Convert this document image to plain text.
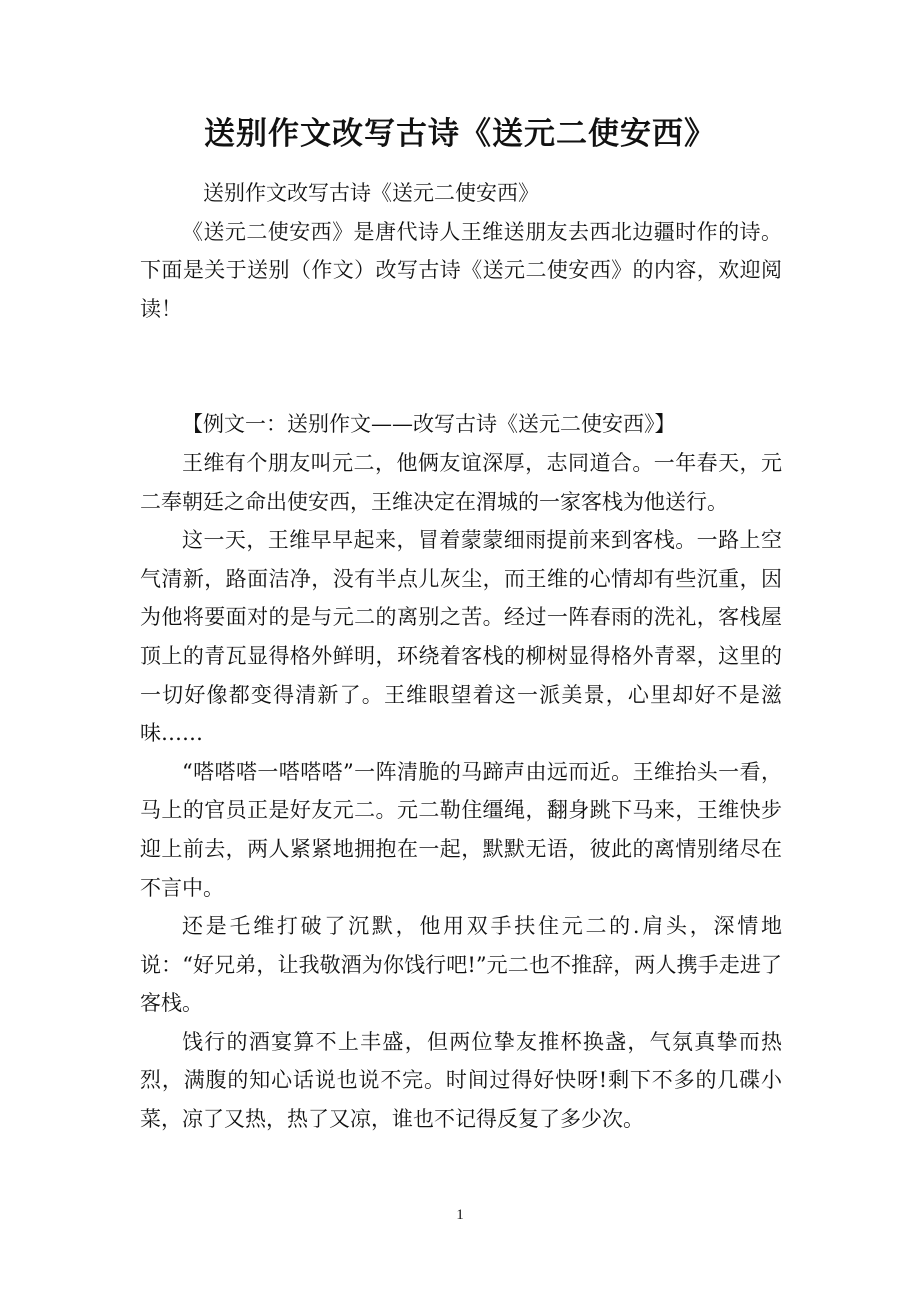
送别作文改写古诗《送元二使安西》

送别作文改写古诗《送元二使安西》

《送元二使安西》是唐代诗人王维送朋友去西北边疆时作的诗。下面是关于送别（作文）改写古诗《送元二使安西》的内容，欢迎阅读！

【例文一：送别作文——改写古诗《送元二使安西》】

王维有个朋友叫元二，他俩友谊深厚，志同道合。一年春天，元二奉朝廷之命出使安西，王维决定在渭城的一家客栈为他送行。

这一天，王维早早起来，冒着蒙蒙细雨提前来到客栈。一路上空气清新，路面洁净，没有半点儿灰尘，而王维的心情却有些沉重，因为他将要面对的是与元二的离别之苦。经过一阵春雨的洗礼，客栈屋顶上的青瓦显得格外鲜明，环绕着客栈的柳树显得格外青翠，这里的一切好像都变得清新了。王维眼望着这一派美景，心里却好不是滋味……

“嗒嗒嗒一嗒嗒嗒”一阵清脆的马蹄声由远而近。王维抬头一看，马上的官员正是好友元二。元二勒住缰绳，翻身跳下马来，王维快步迎上前去，两人紧紧地拥抱在一起，默默无语，彼此的离情别绪尽在不言中。

还是乇维打破了沉默，他用双手扶住元二的.肩头，深情地说：“好兄弟，让我敬酒为你饯行吧!”元二也不推辞，两人携手走进了客栈。

饯行的酒宴算不上丰盛，但两位挚友推杯换盏，气氛真挚而热烈，满腹的知心话说也说不完。时间过得好快呀!剩下不多的几碟小菜，凉了又热，热了又凉，谁也不记得反复了多少次。

1
